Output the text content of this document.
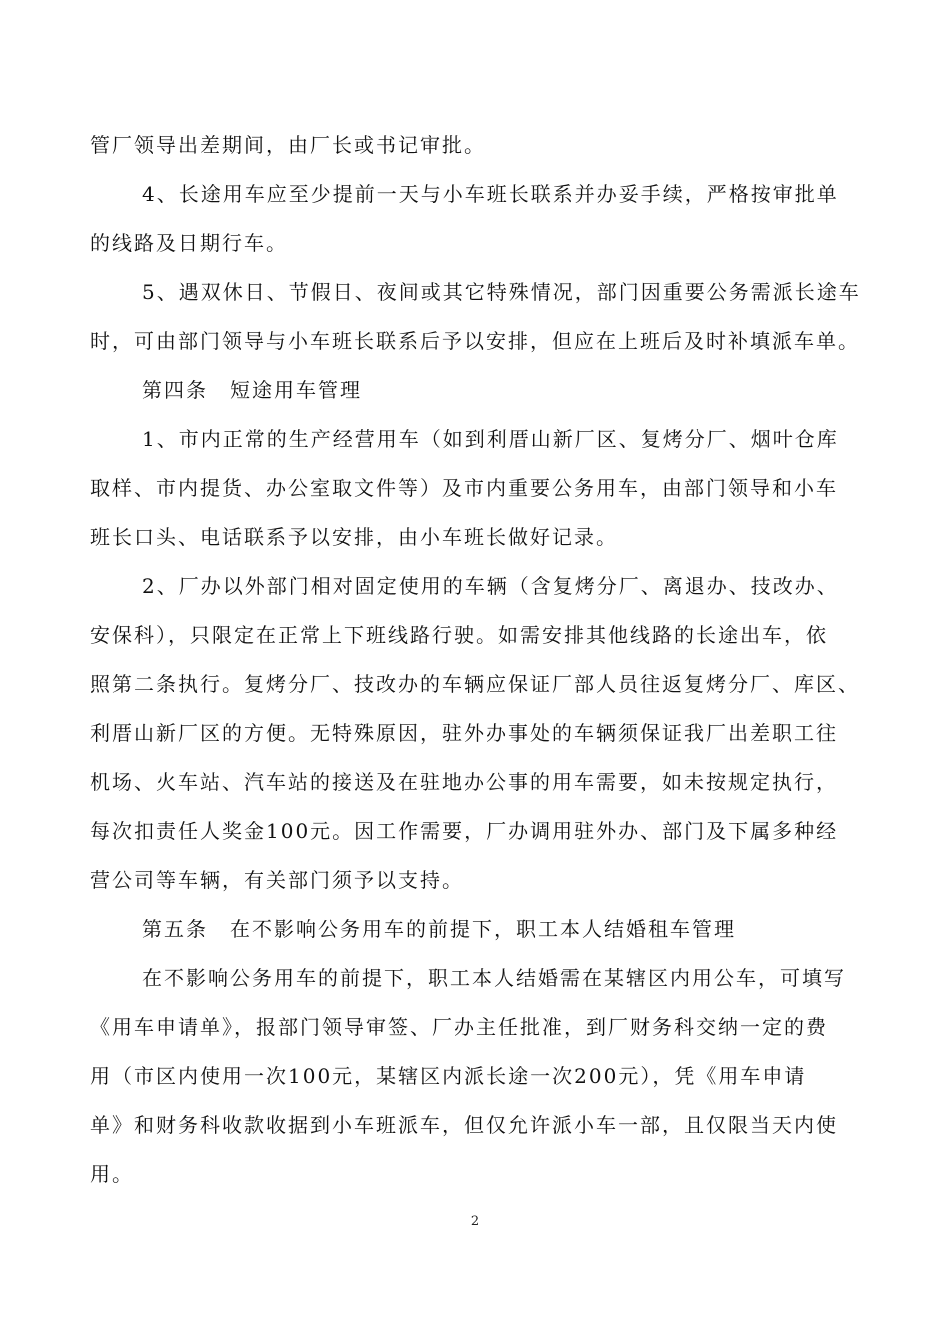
管厂领导出差期间，由厂长或书记审批。
4、长途用车应至少提前一天与小车班长联系并办妥手续，严格按审批单
的线路及日期行车。
5、遇双休日、节假日、夜间或其它特殊情况，部门因重要公务需派长途车
时，可由部门领导与小车班长联系后予以安排，但应在上班后及时补填派车单。
第四条　短途用车管理
1、市内正常的生产经营用车（如到利厝山新厂区、复烤分厂、烟叶仓库
取样、市内提货、办公室取文件等）及市内重要公务用车，由部门领导和小车
班长口头、电话联系予以安排，由小车班长做好记录。
2、厂办以外部门相对固定使用的车辆（含复烤分厂、离退办、技改办、
安保科），只限定在正常上下班线路行驶。如需安排其他线路的长途出车，依
照第二条执行。复烤分厂、技改办的车辆应保证厂部人员往返复烤分厂、库区、
利厝山新厂区的方便。无特殊原因，驻外办事处的车辆须保证我厂出差职工往
机场、火车站、汽车站的接送及在驻地办公事的用车需要，如未按规定执行，
每次扣责任人奖金100元。因工作需要，厂办调用驻外办、部门及下属多种经
营公司等车辆，有关部门须予以支持。
第五条　在不影响公务用车的前提下，职工本人结婚租车管理
在不影响公务用车的前提下，职工本人结婚需在某辖区内用公车，可填写
《用车申请单》，报部门领导审签、厂办主任批准，到厂财务科交纳一定的费
用（市区内使用一次100元，某辖区内派长途一次200元），凭《用车申请
单》和财务科收款收据到小车班派车，但仅允许派小车一部，且仅限当天内使
用。
2
